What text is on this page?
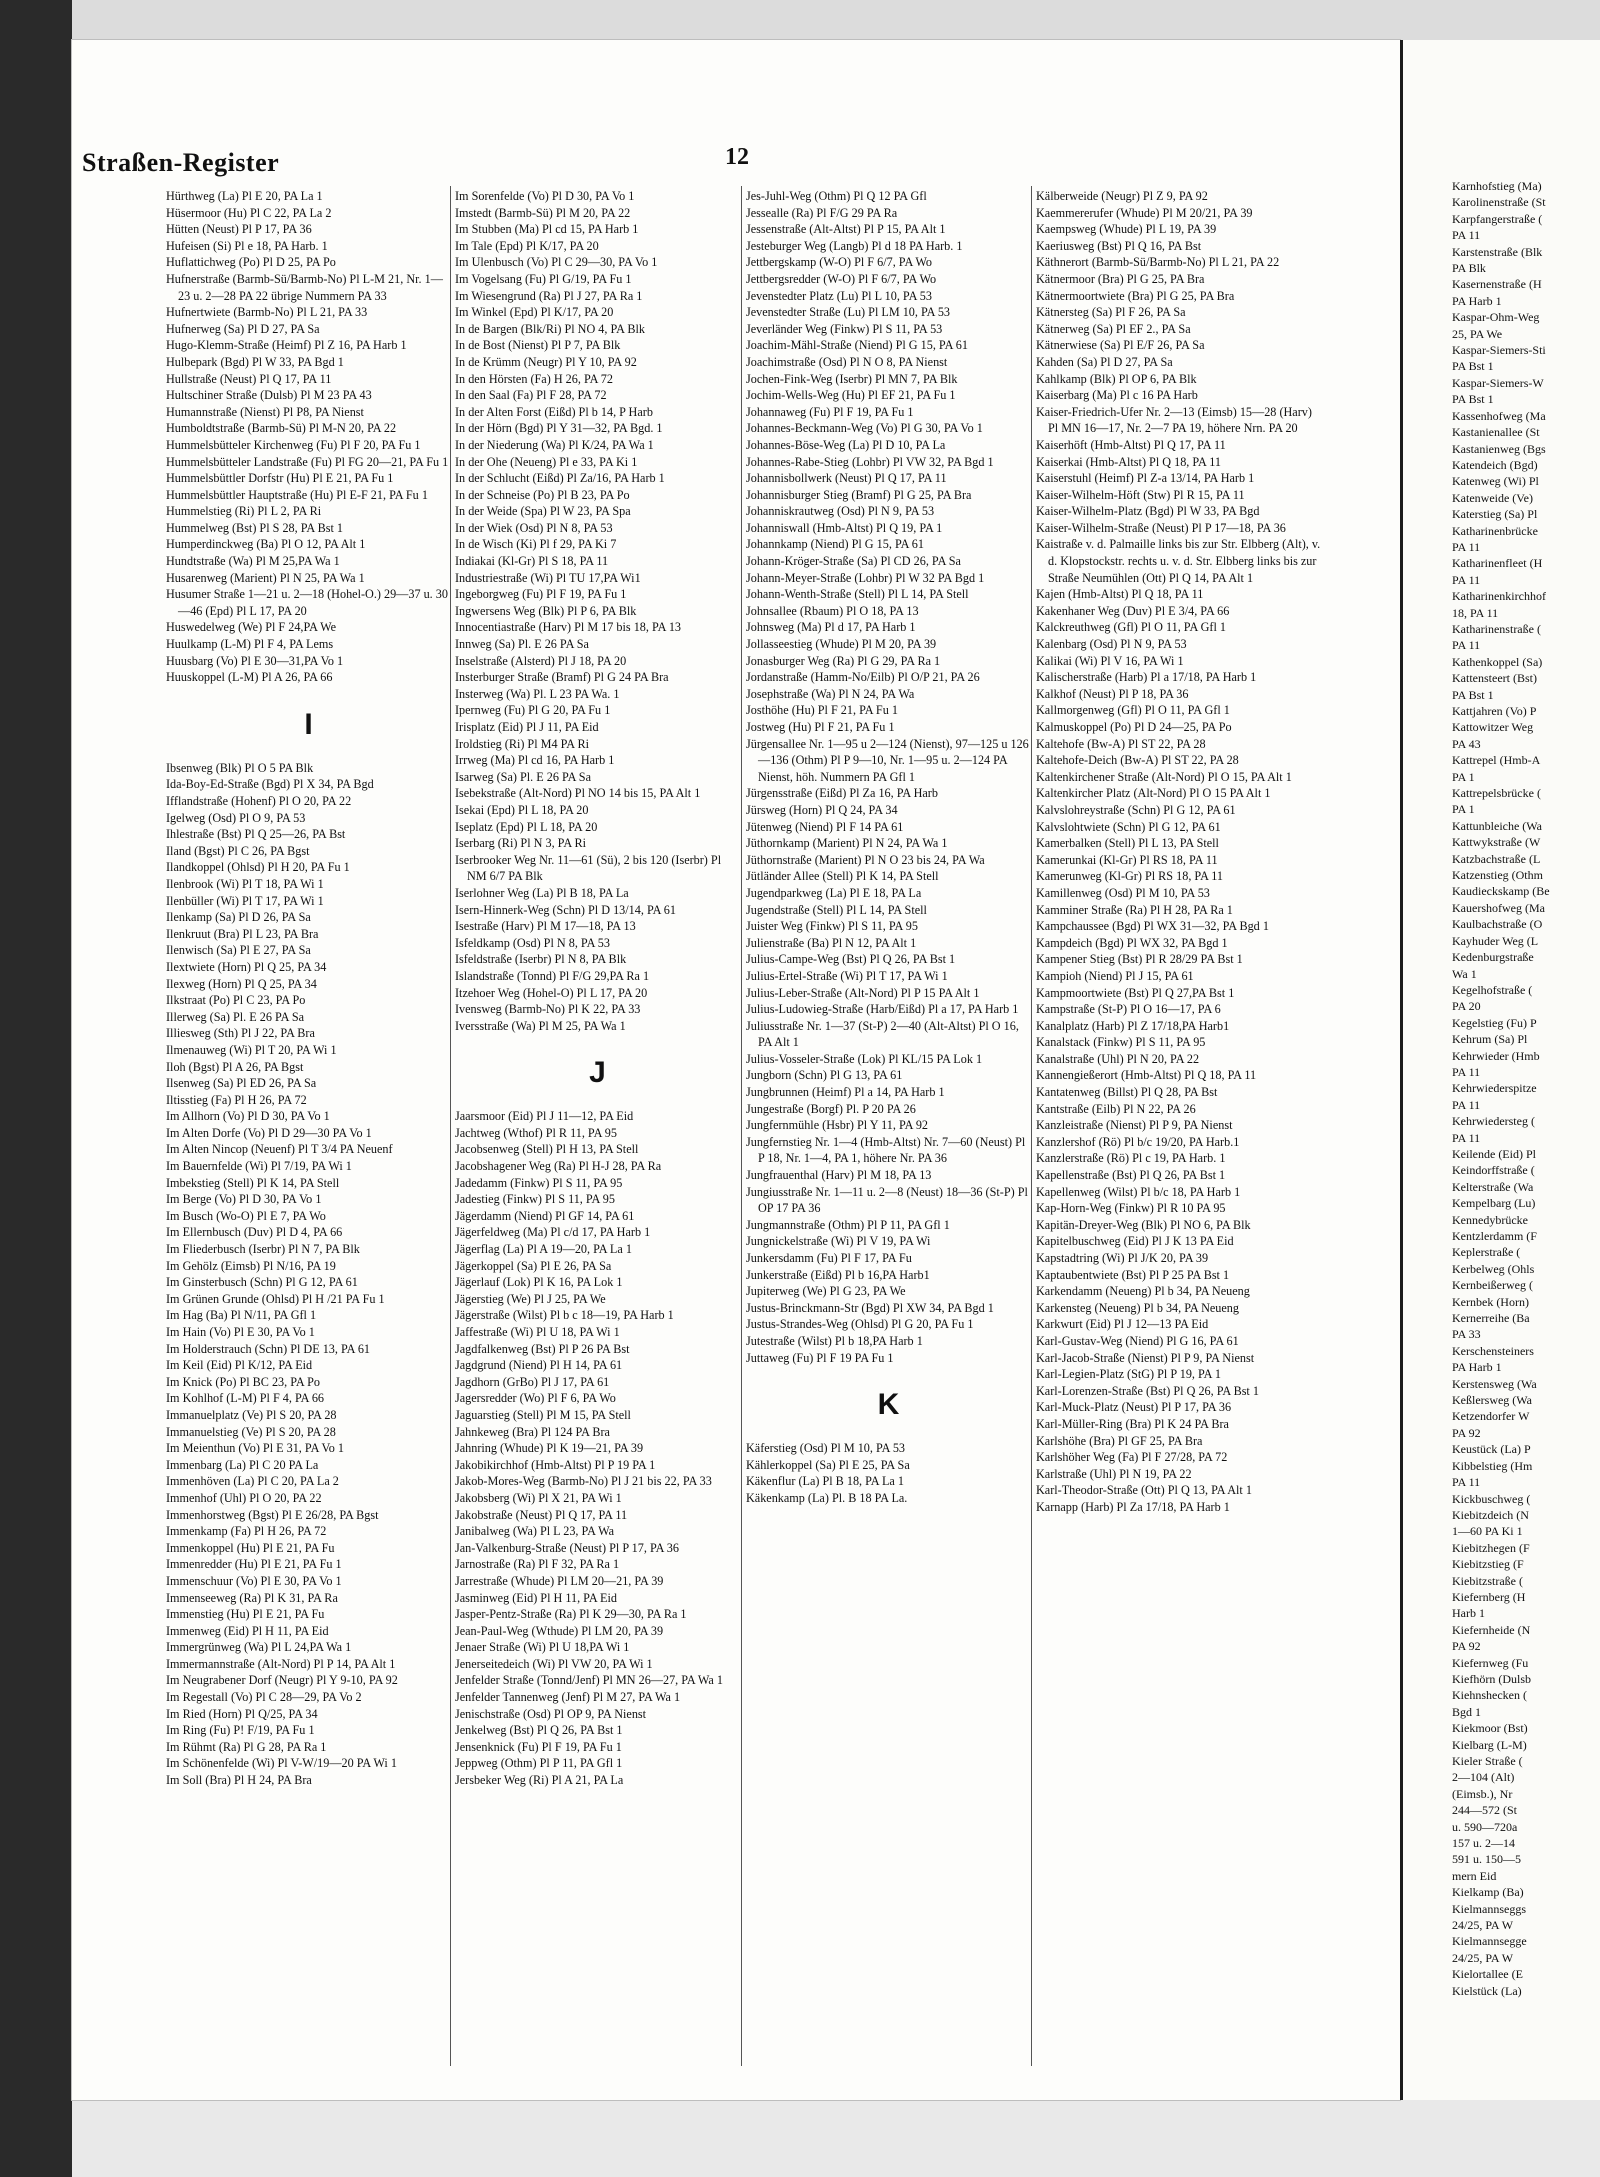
Straßen-Register	12
Hürthweg (La) Pl E 20, PA La 1
Hüsermoor (Hu) Pl C 22, PA La 2
Hütten (Neust) Pl P 17, PA 36
Hufeisen (Si) Pl e 18, PA Harb. 1
Huflattichweg (Po) Pl D 25, PA Po
Hufnerstraße (Barmb-Sü/Barmb-No) Pl L-M 21, Nr. 1—23 u. 2—28 PA 22 übrige Nummern PA 33
Hufnertwiete (Barmb-No) Pl L 21, PA 33
Hufnerweg (Sa) Pl D 27, PA Sa
Hugo-Klemm-Straße (Heimf) Pl Z 16, PA Harb 1
Hulbepark (Bgd) Pl W 33, PA Bgd 1
Hullstraße (Neust) Pl Q 17, PA 11
Hultschiner Straße (Dulsb) Pl M 23 PA 43
Humannstraße (Nienst) Pl P8, PA Nienst
Humboldtstraße (Barmb-Sü) Pl M-N 20, PA 22
Hummelsbütteler Kirchenweg (Fu) Pl F 20, PA Fu 1
Hummelsbütteler Landstraße (Fu) Pl FG 20—21, PA Fu 1
Hummelsbüttler Dorfstr (Hu) Pl E 21, PA Fu 1
Hummelsbüttler Hauptstraße (Hu) Pl E-F 21, PA Fu 1
Hummelstieg (Ri) Pl L 2, PA Ri
Hummelweg (Bst) Pl S 28, PA Bst 1
Humperdinckweg (Ba) Pl O 12, PA Alt 1
Hundtstraße (Wa) Pl M 25,PA Wa 1
Husarenweg (Marient) Pl N 25, PA Wa 1
Husumer Straße 1—21 u. 2—18 (Hohel-O.) 29—37 u. 30—46 (Epd) Pl L 17, PA 20
Huswedelweg (We) Pl F 24,PA We
Huulkamp (L-M) Pl F 4, PA Lems
Huusbarg (Vo) Pl E 30—31,PA Vo 1
Huuskoppel (L-M) Pl A 26, PA 66
I
Ibsenweg (Blk) Pl O 5 PA Blk
Ida-Boy-Ed-Straße (Bgd) Pl X 34, PA Bgd
Ifflandstraße (Hohenf) Pl O 20, PA 22
Igelweg (Osd) Pl O 9, PA 53
Ihlestraße (Bst) Pl Q 25—26, PA Bst
Iland (Bgst) Pl C 26, PA Bgst
Ilandkoppel (Ohlsd) Pl H 20, PA Fu 1
Ilenbrook (Wi) Pl T 18, PA Wi 1
Ilenbüller (Wi) Pl T 17, PA Wi 1
Ilenkamp (Sa) Pl D 26, PA Sa
Ilenkruut (Bra) Pl L 23, PA Bra
Ilenwisch (Sa) Pl E 27, PA Sa
Ilextwiete (Horn) Pl Q 25, PA 34
Ilexweg (Horn) Pl Q 25, PA 34
Ilkstraat (Po) Pl C 23, PA Po
Illerweg (Sa) Pl. E 26 PA Sa
Illiesweg (Sth) Pl J 22, PA Bra
Ilmenauweg (Wi) Pl T 20, PA Wi 1
Iloh (Bgst) Pl A 26, PA Bgst
Ilsenweg (Sa) Pl ED 26, PA Sa
Iltisstieg (Fa) Pl H 26, PA 72
Im Allhorn (Vo) Pl D 30, PA Vo 1
Im Alten Dorfe (Vo) Pl D 29—30 PA Vo 1
Im Alten Nincop (Neuenf) Pl T 3/4 PA Neuenf
Im Bauernfelde (Wi) Pl 7/19, PA Wi 1
Imbekstieg (Stell) Pl K 14, PA Stell
Im Berge (Vo) Pl D 30, PA Vo 1
Im Busch (Wo-O) Pl E 7, PA Wo
Im Ellernbusch (Duv) Pl D 4, PA 66
Im Fliederbusch (Iserbr) Pl N 7, PA Blk
Im Gehölz (Eimsb) Pl N/16, PA 19
Im Ginsterbusch (Schn) Pl G 12, PA 61
Im Grünen Grunde (Ohlsd) Pl H /21 PA Fu 1
Im Hag (Ba) Pl N/11, PA Gfl 1
Im Hain (Vo) Pl E 30, PA Vo 1
Im Holderstrauch (Schn) Pl DE 13, PA 61
Im Keil (Eid) Pl K/12, PA Eid
Im Knick (Po) Pl BC 23, PA Po
Im Kohlhof (L-M) Pl F 4, PA 66
Immanuelplatz (Ve) Pl S 20, PA 28
Immanuelstieg (Ve) Pl S 20, PA 28
Im Meienthun (Vo) Pl E 31, PA Vo 1
Immenbarg (La) Pl C 20 PA La
Immenhöven (La) Pl C 20, PA La 2
Immenhof (Uhl) Pl O 20, PA 22
Immenhorstweg (Bgst) Pl E 26/28, PA Bgst
Immenkamp (Fa) Pl H 26, PA 72
Immenkoppel (Hu) Pl E 21, PA Fu
Immenredder (Hu) Pl E 21, PA Fu 1
Immenschuur (Vo) Pl E 30, PA Vo 1
Immenseeweg (Ra) Pl K 31, PA Ra
Immenstieg (Hu) Pl E 21, PA Fu
Immenweg (Eid) Pl H 11, PA Eid
Immergrünweg (Wa) Pl L 24,PA Wa 1
Immermannstraße (Alt-Nord) Pl P 14, PA Alt 1
Im Neugrabener Dorf (Neugr) Pl Y 9-10, PA 92
Im Regestall (Vo) Pl C 28—29, PA Vo 2
Im Ried (Horn) Pl Q/25, PA 34
Im Ring (Fu) P! F/19, PA Fu 1
Im Rühmt (Ra) Pl G 28, PA Ra 1
Im Schönenfelde (Wi) Pl V-W/19—20 PA Wi 1
Im Soll (Bra) Pl H 24, PA Bra
Im Sorenfelde (Vo) Pl D 30, PA Vo 1
Imstedt (Barmb-Sü) Pl M 20, PA 22
Im Stubben (Ma) Pl cd 15, PA Harb 1
Im Tale (Epd) Pl K/17, PA 20
Im Ulenbusch (Vo) Pl C 29—30, PA Vo 1
Im Vogelsang (Fu) Pl G/19, PA Fu 1
Im Wiesengrund (Ra) Pl J 27, PA Ra 1
Im Winkel (Epd) Pl K/17, PA 20
In de Bargen (Blk/Ri) Pl NO 4, PA Blk
In de Bost (Nienst) Pl P 7, PA Blk
In de Krümm (Neugr) Pl Y 10, PA 92
In den Hörsten (Fa) H 26, PA 72
In den Saal (Fa) Pl F 28, PA 72
In der Alten Forst (Eißd) Pl b 14, P Harb
In der Hörn (Bgd) Pl Y 31—32, PA Bgd. 1
In der Niederung (Wa) Pl K/24, PA Wa 1
In der Ohe (Neueng) Pl e 33, PA Ki 1
In der Schlucht (Eißd) Pl Za/16, PA Harb 1
In der Schneise (Po) Pl B 23, PA Po
In der Weide (Spa) Pl W 23, PA Spa
In der Wiek (Osd) Pl N 8, PA 53
In de Wisch (Ki) Pl f 29, PA Ki 7
Indiakai (Kl-Gr) Pl S 18, PA 11
Industriestraße (Wi) Pl TU 17,PA Wi1
Ingeborgweg (Fu) Pl F 19, PA Fu 1
Ingwersens Weg (Blk) Pl P 6, PA Blk
Innocentiastraße (Harv) Pl M 17 bis 18, PA 13
Innweg (Sa) Pl. E 26 PA Sa
Inselstraße (Alsterd) Pl J 18, PA 20
Insterburger Straße (Bramf) Pl G 24 PA Bra
Insterweg (Wa) Pl. L 23 PA Wa. 1
Ipernweg (Fu) Pl G 20, PA Fu 1
Irisplatz (Eid) Pl J 11, PA Eid
Iroldstieg (Ri) Pl M4 PA Ri
Irrweg (Ma) Pl cd 16, PA Harb 1
Isarweg (Sa) Pl. E 26 PA Sa
Isebekstraße (Alt-Nord) Pl NO 14 bis 15, PA Alt 1
Isekai (Epd) Pl L 18, PA 20
Iseplatz (Epd) Pl L 18, PA 20
Iserbarg (Ri) Pl N 3, PA Ri
Iserbrooker Weg Nr. 11—61 (Sü), 2 bis 120 (Iserbr) Pl NM 6/7 PA Blk
Iserlohner Weg (La) Pl B 18, PA La
Isern-Hinnerk-Weg (Schn) Pl D 13/14, PA 61
Isestraße (Harv) Pl M 17—18, PA 13
Isfeldkamp (Osd) Pl N 8, PA 53
Isfeldstraße (Iserbr) Pl N 8, PA Blk
Islandstraße (Tonnd) Pl F/G 29,PA Ra 1
Itzehoer Weg (Hohel-O) Pl L 17, PA 20
Ivensweg (Barmb-No) Pl K 22, PA 33
Iversstraße (Wa) Pl M 25, PA Wa 1
J
Jaarsmoor (Eid) Pl J 11—12, PA Eid
Jachtweg (Wthof) Pl R 11, PA 95
Jacobsenweg (Stell) Pl H 13, PA Stell
Jacobshagener Weg (Ra) Pl H-J 28, PA Ra
Jadedamm (Finkw) Pl S 11, PA 95
Jadestieg (Finkw) Pl S 11, PA 95
Jägerdamm (Niend) Pl GF 14, PA 61
Jägerfeldweg (Ma) Pl c/d 17, PA Harb 1
Jägerflag (La) Pl A 19—20, PA La 1
Jägerkoppel (Sa) Pl E 26, PA Sa
Jägerlauf (Lok) Pl K 16, PA Lok 1
Jägerstieg (We) Pl J 25, PA We
Jägerstraße (Wilst) Pl b c 18—19, PA Harb 1
Jaffestraße (Wi) Pl U 18, PA Wi 1
Jagdfalkenweg (Bst) Pl P 26 PA Bst
Jagdgrund (Niend) Pl H 14, PA 61
Jagdhorn (GrBo) Pl J 17, PA 61
Jagersredder (Wo) Pl F 6, PA Wo
Jaguarstieg (Stell) Pl M 15, PA Stell
Jahnkeweg (Bra) Pl 124 PA Bra
Jahnring (Whude) Pl K 19—21, PA 39
Jakobikirchhof (Hmb-Altst) Pl P 19 PA 1
Jakob-Mores-Weg (Barmb-No) Pl J 21 bis 22, PA 33
Jakobsberg (Wi) Pl X 21, PA Wi 1
Jakobstraße (Neust) Pl Q 17, PA 11
Janibalweg (Wa) Pl L 23, PA Wa
Jan-Valkenburg-Straße (Neust) Pl P 17, PA 36
Jarnostraße (Ra) Pl F 32, PA Ra 1
Jarrestraße (Whude) Pl LM 20—21, PA 39
Jasminweg (Eid) Pl H 11, PA Eid
Jasper-Pentz-Straße (Ra) Pl K 29—30, PA Ra 1
Jean-Paul-Weg (Wthude) Pl LM 20, PA 39
Jenaer Straße (Wi) Pl U 18,PA Wi 1
Jenerseitedeich (Wi) Pl VW 20, PA Wi 1
Jenfelder Straße (Tonnd/Jenf) Pl MN 26—27, PA Wa 1
Jenfelder Tannenweg (Jenf) Pl M 27, PA Wa 1
Jenischstraße (Osd) Pl OP 9, PA Nienst
Jenkelweg (Bst) Pl Q 26, PA Bst 1
Jensenknick (Fu) Pl F 19, PA Fu 1
Jeppweg (Othm) Pl P 11, PA Gfl 1
Jersbeker Weg (Ri) Pl A 21, PA La
Jes-Juhl-Weg (Othm) Pl Q 12 PA Gfl
Jessealle (Ra) Pl F/G 29 PA Ra
Jessenstraße (Alt-Altst) Pl P 15, PA Alt 1
Jesteburger Weg (Langb) Pl d 18 PA Harb. 1
Jettbergskamp (W-O) Pl F 6/7, PA Wo
Jettbergsredder (W-O) Pl F 6/7, PA Wo
Jevenstedter Platz (Lu) Pl L 10, PA 53
Jevenstedter Straße (Lu) Pl LM 10, PA 53
Jeverländer Weg (Finkw) Pl S 11, PA 53
Joachim-Mähl-Straße (Niend) Pl G 15, PA 61
Joachimstraße (Osd) Pl N O 8, PA Nienst
Jochen-Fink-Weg (Iserbr) Pl MN 7, PA Blk
Jochim-Wells-Weg (Hu) Pl EF 21, PA Fu 1
Johannaweg (Fu) Pl F 19, PA Fu 1
Johannes-Beckmann-Weg (Vo) Pl G 30, PA Vo 1
Johannes-Böse-Weg (La) Pl D 10, PA La
Johannes-Rabe-Stieg (Lohbr) Pl VW 32, PA Bgd 1
Johannisbollwerk (Neust) Pl Q 17, PA 11
Johannisburger Stieg (Bramf) Pl G 25, PA Bra
Johanniskrautweg (Osd) Pl N 9, PA 53
Johanniswall (Hmb-Altst) Pl Q 19, PA 1
Johannkamp (Niend) Pl G 15, PA 61
Johann-Kröger-Straße (Sa) Pl CD 26, PA Sa
Johann-Meyer-Straße (Lohbr) Pl W 32 PA Bgd 1
Johann-Wenth-Straße (Stell) Pl L 14, PA Stell
Johnsallee (Rbaum) Pl O 18, PA 13
Johnsweg (Ma) Pl d 17, PA Harb 1
Jollasseestieg (Whude) Pl M 20, PA 39
Jonasburger Weg (Ra) Pl G 29, PA Ra 1
Jordanstraße (Hamm-No/Eilb) Pl O/P 21, PA 26
Josephstraße (Wa) Pl N 24, PA Wa
Josthöhe (Hu) Pl F 21, PA Fu 1
Jostweg (Hu) Pl F 21, PA Fu 1
Jürgensallee Nr. 1—95 u 2—124 (Nienst), 97—125 u 126—136 (Othm) Pl P 9—10, Nr. 1—95 u. 2—124 PA Nienst, höh. Nummern PA Gfl 1
Jürgensstraße (Eißd) Pl Za 16, PA Harb
Jürsweg (Horn) Pl Q 24, PA 34
Jütenweg (Niend) Pl F 14 PA 61
Jüthornkamp (Marient) Pl N 24, PA Wa 1
Jüthornstraße (Marient) Pl N O 23 bis 24, PA Wa
Jütländer Allee (Stell) Pl K 14, PA Stell
Jugendparkweg (La) Pl E 18, PA La
Jugendstraße (Stell) Pl L 14, PA Stell
Juister Weg (Finkw) Pl S 11, PA 95
Julienstraße (Ba) Pl N 12, PA Alt 1
Julius-Campe-Weg (Bst) Pl Q 26, PA Bst 1
Julius-Ertel-Straße (Wi) Pl T 17, PA Wi 1
Julius-Leber-Straße (Alt-Nord) Pl P 15 PA Alt 1
Julius-Ludowieg-Straße (Harb/Eißd) Pl a 17, PA Harb 1
Juliusstraße Nr. 1—37 (St-P) 2—40 (Alt-Altst) Pl O 16, PA Alt 1
Julius-Vosseler-Straße (Lok) Pl KL/15 PA Lok 1
Jungborn (Schn) Pl G 13, PA 61
Jungbrunnen (Heimf) Pl a 14, PA Harb 1
Jungestraße (Borgf) Pl. P 20 PA 26
Jungfernmühle (Hsbr) Pl Y 11, PA 92
Jungfernstieg Nr. 1—4 (Hmb-Altst) Nr. 7—60 (Neust) Pl P 18, Nr. 1—4, PA 1, höhere Nr. PA 36
Jungfrauenthal (Harv) Pl M 18, PA 13
Jungiusstraße Nr. 1—11 u. 2—8 (Neust) 18—36 (St-P) Pl OP 17 PA 36
Jungmannstraße (Othm) Pl P 11, PA Gfl 1
Jungnickelstraße (Wi) Pl V 19, PA Wi
Junkersdamm (Fu) Pl F 17, PA Fu
Junkerstraße (Eißd) Pl b 16,PA Harb1
Jupiterweg (We) Pl G 23, PA We
Justus-Brinckmann-Str (Bgd) Pl XW 34, PA Bgd 1
Justus-Strandes-Weg (Ohlsd) Pl G 20, PA Fu 1
Jutestraße (Wilst) Pl b 18,PA Harb 1
Juttaweg (Fu) Pl F 19 PA Fu 1
K
Käferstieg (Osd) Pl M 10, PA 53
Kählerkoppel (Sa) Pl E 25, PA Sa
Käkenflur (La) Pl B 18, PA La 1
Käkenkamp (La) Pl. B 18 PA La.
Kälberweide (Neugr) Pl Z 9, PA 92
Kaemmererufer (Whude) Pl M 20/21, PA 39
Kaempsweg (Whude) Pl L 19, PA 39
Kaeriusweg (Bst) Pl Q 16, PA Bst
Käthnerort (Barmb-Sü/Barmb-No) Pl L 21, PA 22
Kätnermoor (Bra) Pl G 25, PA Bra
Kätnermoortwiete (Bra) Pl G 25, PA Bra
Kätnersteg (Sa) Pl F 26, PA Sa
Kätnerweg (Sa) Pl EF 2., PA Sa
Kätnerwiese (Sa) Pl E/F 26, PA Sa
Kahden (Sa) Pl D 27, PA Sa
Kahlkamp (Blk) Pl OP 6, PA Blk
Kaiserbarg (Ma) Pl c 16 PA Harb
Kaiser-Friedrich-Ufer Nr. 2—13 (Eimsb) 15—28 (Harv) Pl MN 16—17, Nr. 2—7 PA 19, höhere Nrn. PA 20
Kaiserhöft (Hmb-Altst) Pl Q 17, PA 11
Kaiserkai (Hmb-Altst) Pl Q 18, PA 11
Kaiserstuhl (Heimf) Pl Z-a 13/14, PA Harb 1
Kaiser-Wilhelm-Höft (Stw) Pl R 15, PA 11
Kaiser-Wilhelm-Platz (Bgd) Pl W 33, PA Bgd
Kaiser-Wilhelm-Straße (Neust) Pl P 17—18, PA 36
Kaistraße v. d. Palmaille links bis zur Str. Elbberg (Alt), v. d. Klopstockstr. rechts u. v. d. Str. Elbberg links bis zur Straße Neumühlen (Ott) Pl Q 14, PA Alt 1
Kajen (Hmb-Altst) Pl Q 18, PA 11
Kakenhaner Weg (Duv) Pl E 3/4, PA 66
Kalckreuthweg (Gfl) Pl O 11, PA Gfl 1
Kalenbarg (Osd) Pl N 9, PA 53
Kalikai (Wi) Pl V 16, PA Wi 1
Kalischerstraße (Harb) Pl a 17/18, PA Harb 1
Kalkhof (Neust) Pl P 18, PA 36
Kallmorgenweg (Gfl) Pl O 11, PA Gfl 1
Kalmuskoppel (Po) Pl D 24—25, PA Po
Kaltehofe (Bw-A) Pl ST 22, PA 28
Kaltehofe-Deich (Bw-A) Pl ST 22, PA 28
Kaltenkirchener Straße (Alt-Nord) Pl O 15, PA Alt 1
Kaltenkircher Platz (Alt-Nord) Pl O 15 PA Alt 1
Kalvslohreystraße (Schn) Pl G 12, PA 61
Kalvslohtwiete (Schn) Pl G 12, PA 61
Kamerbalken (Stell) Pl L 13, PA Stell
Kamerunkai (Kl-Gr) Pl RS 18, PA 11
Kamerunweg (Kl-Gr) Pl RS 18, PA 11
Kamillenweg (Osd) Pl M 10, PA 53
Kamminer Straße (Ra) Pl H 28, PA Ra 1
Kampchaussee (Bgd) Pl WX 31—32, PA Bgd 1
Kampdeich (Bgd) Pl WX 32, PA Bgd 1
Kampener Stieg (Bst) Pl R 28/29 PA Bst 1
Kampioh (Niend) Pl J 15, PA 61
Kampmoortwiete (Bst) Pl Q 27,PA Bst 1
Kampstraße (St-P) Pl O 16—17, PA 6
Kanalplatz (Harb) Pl Z 17/18,PA Harb1
Kanalstack (Finkw) Pl S 11, PA 95
Kanalstraße (Uhl) Pl N 20, PA 22
Kannengießerort (Hmb-Altst) Pl Q 18, PA 11
Kantatenweg (Billst) Pl Q 28, PA Bst
Kantstraße (Eilb) Pl N 22, PA 26
Kanzleistraße (Nienst) Pl P 9, PA Nienst
Kanzlershof (Rö) Pl b/c 19/20, PA Harb.1
Kanzlerstraße (Rö) Pl c 19, PA Harb. 1
Kapellenstraße (Bst) Pl Q 26, PA Bst 1
Kapellenweg (Wilst) Pl b/c 18, PA Harb 1
Kap-Horn-Weg (Finkw) Pl R 10 PA 95
Kapitän-Dreyer-Weg (Blk) Pl NO 6, PA Blk
Kapitelbuschweg (Eid) Pl J K 13 PA Eid
Kapstadtring (Wi) Pl J/K 20, PA 39
Kaptaubentwiete (Bst) Pl P 25 PA Bst 1
Karkendamm (Neueng) Pl b 34, PA Neueng
Karkensteg (Neueng) Pl b 34, PA Neueng
Karkwurt (Eid) Pl J 12—13 PA Eid
Karl-Gustav-Weg (Niend) Pl G 16, PA 61
Karl-Jacob-Straße (Nienst) Pl P 9, PA Nienst
Karl-Legien-Platz (StG) Pl P 19, PA 1
Karl-Lorenzen-Straße (Bst) Pl Q 26, PA Bst 1
Karl-Muck-Platz (Neust) Pl P 17, PA 36
Karl-Müller-Ring (Bra) Pl K 24 PA Bra
Karlshöhe (Bra) Pl GF 25, PA Bra
Karlshöher Weg (Fa) Pl F 27/28, PA 72
Karlstraße (Uhl) Pl N 19, PA 22
Karl-Theodor-Straße (Ott) Pl Q 13, PA Alt 1
Karnapp (Harb) Pl Za 17/18, PA Harb 1
Karnhofstieg (Ma)
Karolinenstraße (St
Karpfangerstraße (
PA 11
Karstenstraße (Blk
PA Blk
Kasernenstraße (H
PA Harb 1
Kaspar-Ohm-Weg
25, PA We
Kaspar-Siemers-Sti
PA Bst 1
Kaspar-Siemers-W
PA Bst 1
Kassenhofweg (Ma
Kastanienallee (St
Kastanienweg (Bgs
Katendeich (Bgd)
Katenweg (Wi) Pl
Katenweide (Ve)
Katerstieg (Sa) Pl
Katharinenbrücke
PA 11
Katharinenfleet (H
PA 11
Katharinenkirchhof
18, PA 11
Katharinenstraße (
PA 11
Kathenkoppel (Sa)
Kattensteert (Bst)
PA Bst 1
Kattjahren (Vo) P
Kattowitzer Weg
PA 43
Kattrepel (Hmb-A
PA 1
Kattrepelsbrücke (
PA 1
Kattunbleiche (Wa
Kattwykstraße (W
Katzbachstraße (L
Katzenstieg (Othm
Kaudieckskamp (Be
Kauershofweg (Ma
Kaulbachstraße (O
Kayhuder Weg (L
Kedenburgstraße
Wa 1
Kegelhofstraße (
PA 20
Kegelstieg (Fu) P
Kehrum (Sa) Pl
Kehrwieder (Hmb
PA 11
Kehrwiederspitze
PA 11
Kehrwiedersteg (
PA 11
Keilende (Eid) Pl
Keindorffstraße (
Kelterstraße (Wa
Kempelbarg (Lu)
Kennedybrücke
Kentzlerdamm (F
Keplerstraße (
Kerbelweg (Ohls
Kernbeißerweg (
Kernbek (Horn)
Kernerreihe (Ba
PA 33
Kerschensteiners
PA Harb 1
Kerstensweg (Wa
Keßlersweg (Wa
Ketzendorfer W
PA 92
Keustück (La) P
Kibbelstieg (Hm
PA 11
Kickbuschweg (
Kiebitzdeich (N
1—60 PA Ki 1
Kiebitzhegen (F
Kiebitzstieg (F
Kiebitzstraße (
Kiefernberg (H
Harb 1
Kiefernheide (N
PA 92
Kiefernweg (Fu
Kiefhörn (Dulsb
Kiehnshecken (
Bgd 1
Kiekmoor (Bst)
Kielbarg (L-M)
Kieler Straße (
2—104 (Alt)
(Eimsb.), Nr
244—572 (St
u. 590—720a
157 u. 2—14
591 u. 150—5
mern Eid
Kielkamp (Ba)
Kielmannseggs
24/25, PA W
Kielmannsegge
24/25, PA W
Kielortallee (E
Kielstück (La)
